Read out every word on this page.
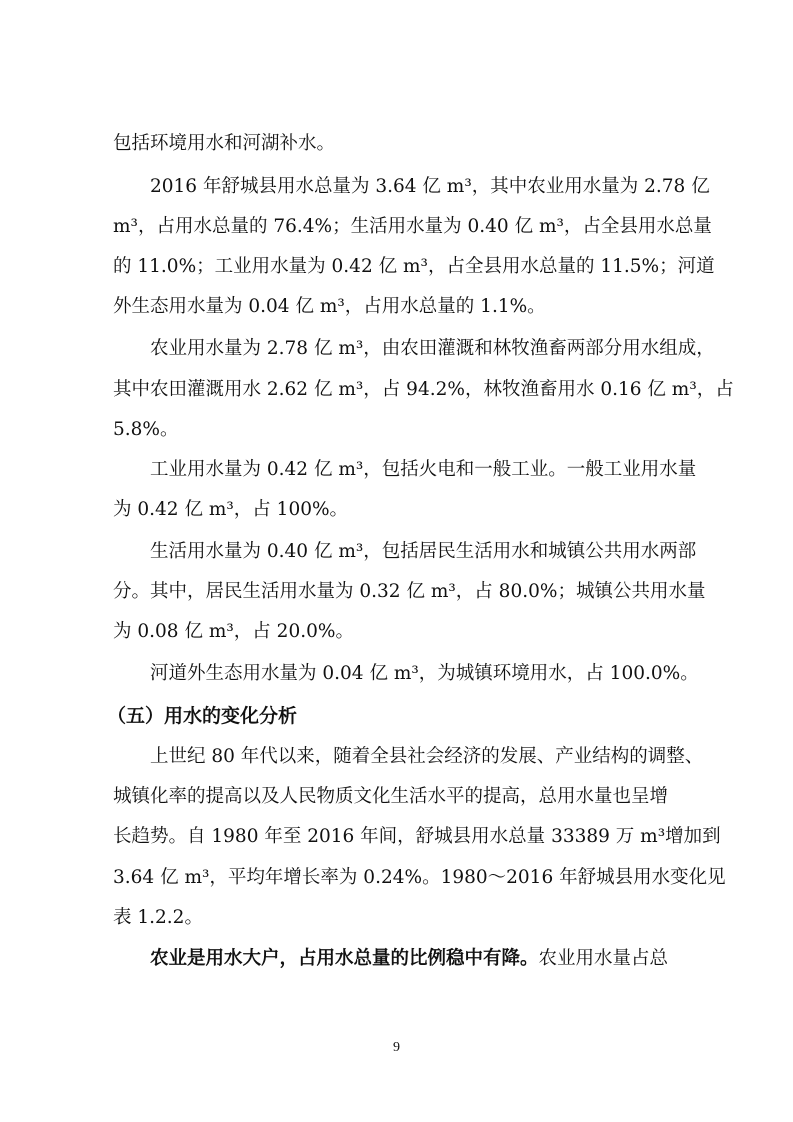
包括环境用水和河湖补水。
2016 年舒城县用水总量为 3.64 亿 m³，其中农业用水量为 2.78 亿
m³，占用水总量的 76.4%；生活用水量为 0.40 亿 m³，占全县用水总量
的 11.0%；工业用水量为 0.42 亿 m³，占全县用水总量的 11.5%；河道
外生态用水量为 0.04 亿 m³，占用水总量的 1.1%。
农业用水量为 2.78 亿 m³，由农田灌溉和林牧渔畜两部分用水组成，
其中农田灌溉用水 2.62 亿 m³，占 94.2%，林牧渔畜用水 0.16 亿 m³，占
5.8%。
工业用水量为 0.42 亿 m³，包括火电和一般工业。一般工业用水量
为 0.42 亿 m³，占 100%。
生活用水量为 0.40 亿 m³，包括居民生活用水和城镇公共用水两部
分。其中，居民生活用水量为 0.32 亿 m³，占 80.0%；城镇公共用水量
为 0.08 亿 m³，占 20.0%。
河道外生态用水量为 0.04 亿 m³，为城镇环境用水，占 100.0%。
（五）用水的变化分析
上世纪 80 年代以来，随着全县社会经济的发展、产业结构的调整、
城镇化率的提高以及人民物质文化生活水平的提高，总用水量也呈增
长趋势。自 1980 年至 2016 年间，舒城县用水总量 33389 万 m³增加到
3.64 亿 m³，平均年增长率为 0.24%。1980～2016 年舒城县用水变化见
表 1.2.2。
农业是用水大户，占用水总量的比例稳中有降。农业用水量占总
9
